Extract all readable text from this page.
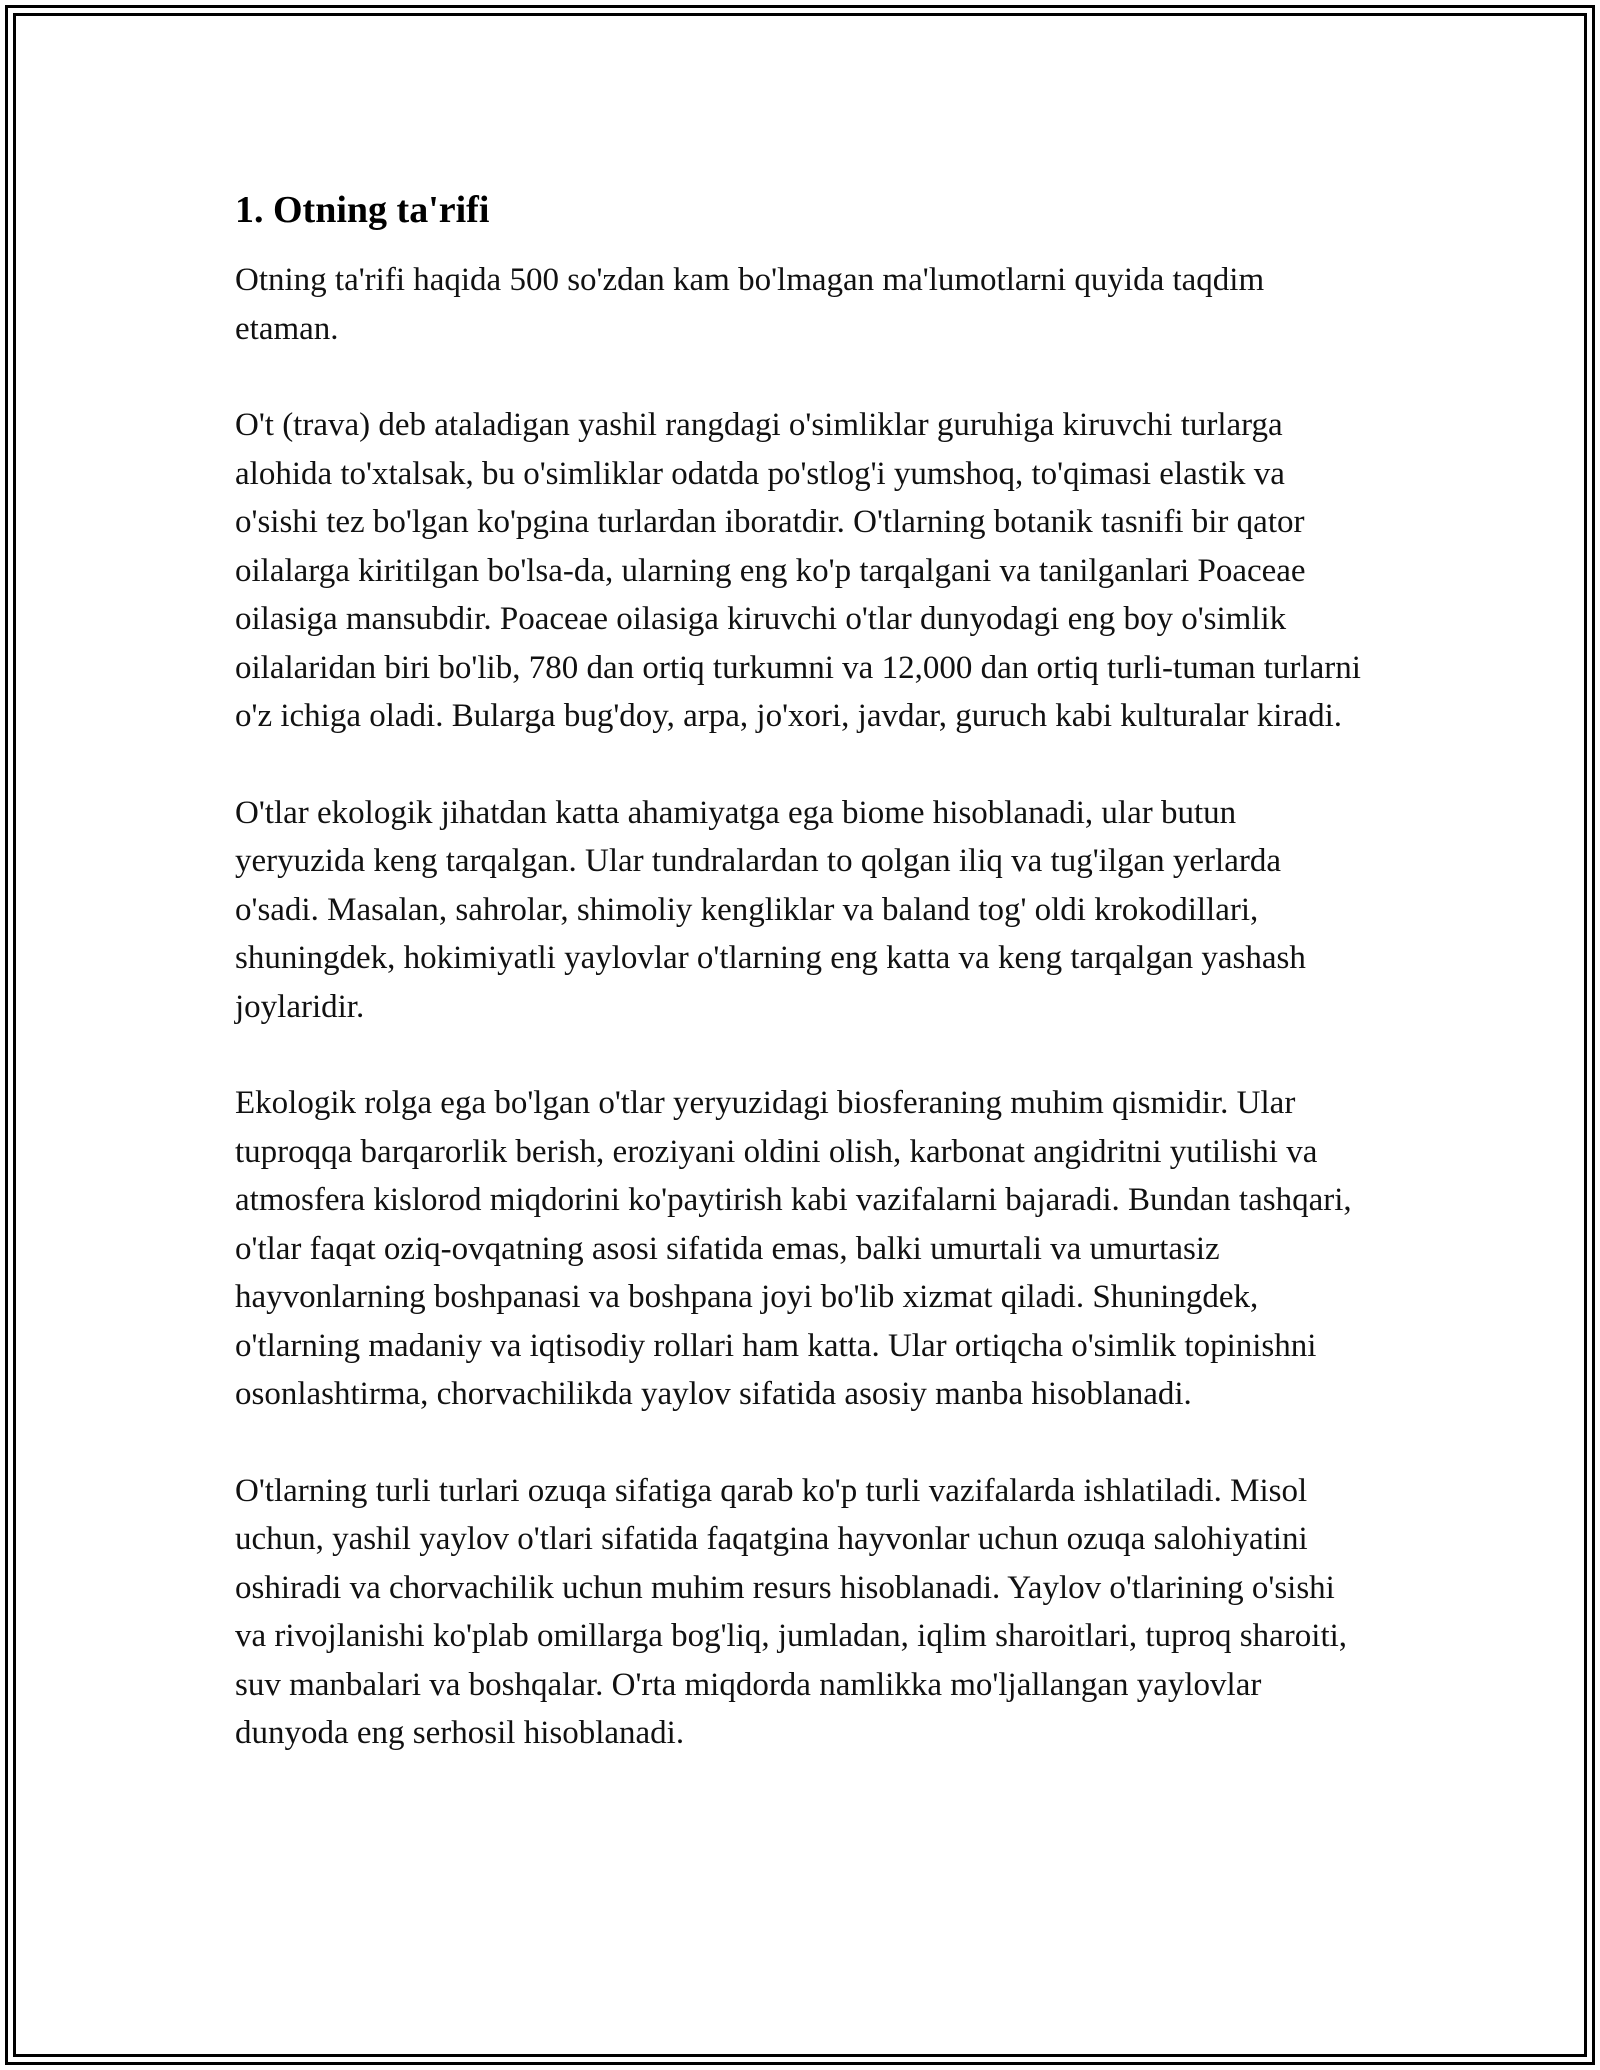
1. Otning ta'rifi

Otning ta'rifi haqida 500 so'zdan kam bo'lmagan ma'lumotlarni quyida taqdim etaman.

O't (trava) deb ataladigan yashil rangdagi o'simliklar guruhiga kiruvchi turlarga alohida to'xtalsak, bu o'simliklar odatda po'stlog'i yumshoq, to'qimasi elastik va o'sishi tez bo'lgan ko'pgina turlardan iboratdir. O'tlarning botanik tasnifi bir qator oilalarga kiritilgan bo'lsa-da, ularning eng ko'p tarqalgani va tanilganlari Poaceae oilasiga mansubdir. Poaceae oilasiga kiruvchi o'tlar dunyodagi eng boy o'simlik oilalaridan biri bo'lib, 780 dan ortiq turkumni va 12,000 dan ortiq turli-tuman turlarni o'z ichiga oladi. Bularga bug'doy, arpa, jo'xori, javdar, guruch kabi kulturalar kiradi.

O'tlar ekologik jihatdan katta ahamiyatga ega biome hisoblanadi, ular butun yeryuzida keng tarqalgan. Ular tundralardan to qolgan iliq va tug'ilgan yerlarda o'sadi. Masalan, sahrolar, shimoliy kengliklar va baland tog' oldi krokodillari, shuningdek, hokimiyatli yaylovlar o'tlarning eng katta va keng tarqalgan yashash joylaridir.

Ekologik rolga ega bo'lgan o'tlar yeryuzidagi biosferaning muhim qismidir. Ular tuproqqa barqarorlik berish, eroziyani oldini olish, karbonat angidritni yutilishi va atmosfera kislorod miqdorini ko'paytirish kabi vazifalarni bajaradi. Bundan tashqari, o'tlar faqat oziq-ovqatning asosi sifatida emas, balki umurtali va umurtasiz hayvonlarning boshpanasi va boshpana joyi bo'lib xizmat qiladi. Shuningdek, o'tlarning madaniy va iqtisodiy rollari ham katta. Ular ortiqcha o'simlik topinishni osonlashtirma, chorvachilikda yaylov sifatida asosiy manba hisoblanadi.

O'tlarning turli turlari ozuqa sifatiga qarab ko'p turli vazifalarda ishlatiladi. Misol uchun, yashil yaylov o'tlari sifatida faqatgina hayvonlar uchun ozuqa salohiyatini oshiradi va chorvachilik uchun muhim resurs hisoblanadi. Yaylov o'tlarining o'sishi va rivojlanishi ko'plab omillarga bog'liq, jumladan, iqlim sharoitlari, tuproq sharoiti, suv manbalari va boshqalar. O'rta miqdorda namlikka mo'ljallangan yaylovlar dunyoda eng serhosil hisoblanadi.
